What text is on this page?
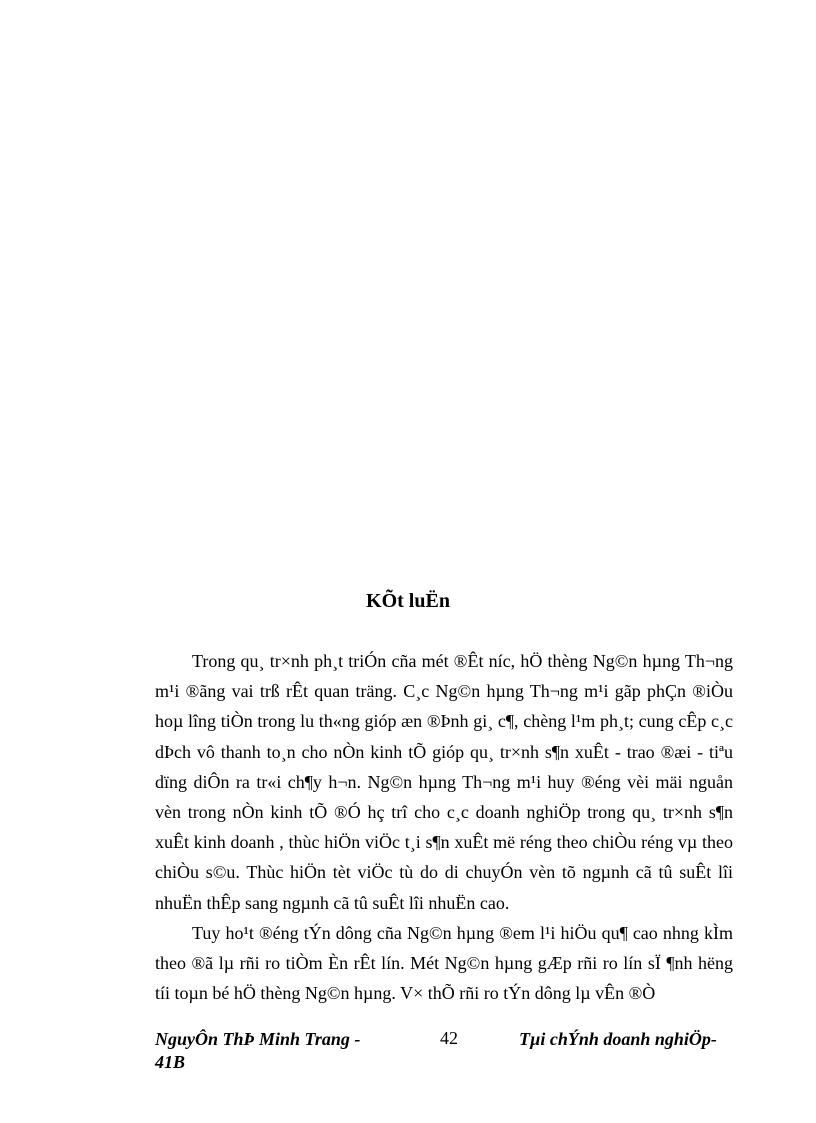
KÕt luËn

Trong qu¸ tr×nh ph¸t triÓn cña mét ®Êt níc, hÖ thèng Ng©n hµng Th¬ng m¹i ®ãng vai trß rÊt quan träng. C¸c Ng©n hµng Th¬ng m¹i gãp phÇn ®iÒu hoµ lîng tiÒn trong lu th«ng gióp æn ®Þnh gi¸ c¶, chèng l¹m ph¸t; cung cÊp c¸c dÞch vô thanh to¸n cho nÒn kinh tÕ gióp qu¸ tr×nh s¶n xuÊt - trao ®æi - tiªu dïng diÔn ra tr«i ch¶y h¬n. Ng©n hµng Th¬ng m¹i huy ®éng vèi mäi nguån vèn trong nÒn kinh tÕ ®Ó hç trî cho c¸c doanh nghiÖp trong qu¸ tr×nh s¶n xuÊt kinh doanh , thùc hiÖn viÖc t¸i s¶n xuÊt më réng theo chiÒu réng vµ theo chiÒu s©u. Thùc hiÖn tèt viÖc tù do di chuyÓn vèn tõ ngµnh cã tû suÊt lîi nhuËn thÊp sang ngµnh cã tû suÊt lîi nhuËn cao.

Tuy ho¹t ®éng tÝn dông cña Ng©n hµng ®em l¹i hiÖu qu¶ cao nhng kÌm theo ®ã lµ rñi ro tiÒm Èn rÊt lín. Mét Ng©n hµng gÆp rñi ro lín sÏ ¶nh hëng tíi toµn bé hÖ thèng Ng©n hµng. V× thÕ rñi ro tÝn dông lµ vÊn ®Ò

NguyÔn ThÞ Minh Trang - 41B
42	Tµi chÝnh doanh nghiÖp-
